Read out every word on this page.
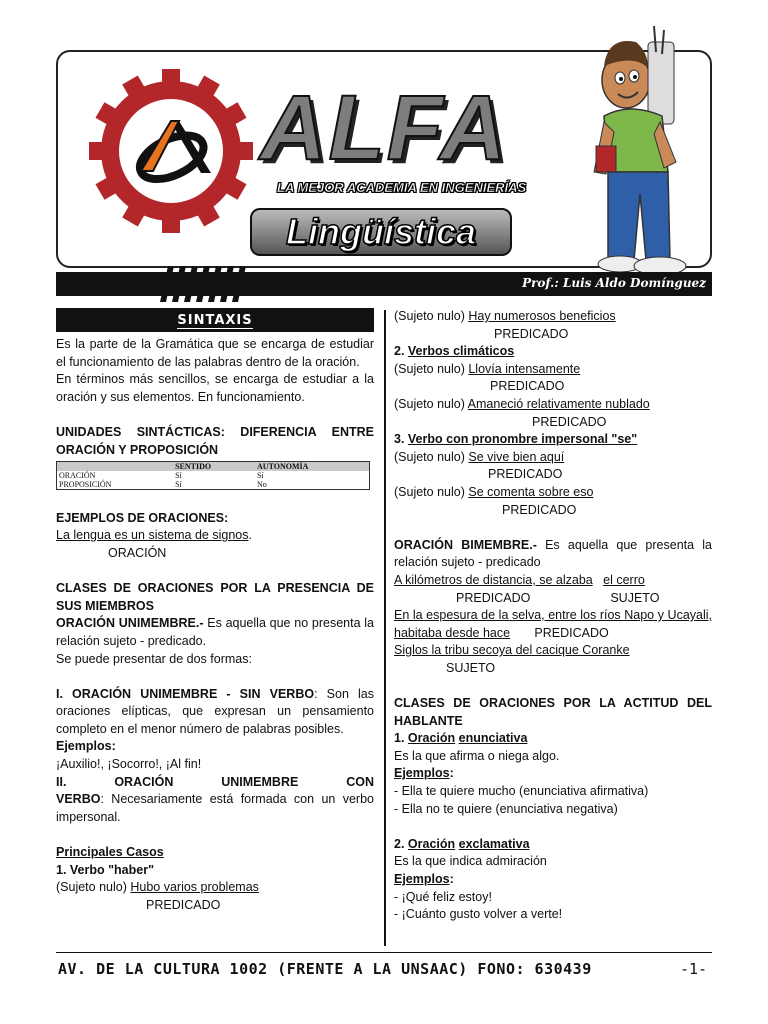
ALFA
LA MEJOR ACADEMIA EN INGENIERÍAS
Lingüística
Prof.: Luis Aldo Domínguez
SINTAXIS
Es la parte de la Gramática que se encarga de estudiar el funcionamiento de las palabras dentro de la oración.
En términos más sencillos, se encarga de estudiar a la oración y sus elementos. En funcionamiento.
UNIDADES SINTÁCTICAS: DIFERENCIA ENTRE ORACIÓN Y PROPOSICIÓN
	SENTIDO	AUTONOMÍA
ORACIÓN	Sí	Sí
PROPOSICIÓN	Sí	No
EJEMPLOS DE ORACIONES:
La lengua es un sistema de signos.
ORACIÓN
CLASES DE ORACIONES POR LA PRESENCIA DE SUS MIEMBROS
ORACIÓN UNIMEMBRE.- Es aquella que no presenta la relación sujeto - predicado.
Se puede presentar de dos formas:
I. ORACIÓN UNIMEMBRE - SIN VERBO: Son las oraciones elípticas, que expresan un pensamiento completo en el menor número de palabras posibles.
Ejemplos:
¡Auxilio!, ¡Socorro!, ¡Al fin!
II. ORACIÓN UNIMEMBRE CON VERBO: Necesariamente está formada con un verbo impersonal.
Principales Casos
1. Verbo "haber"
(Sujeto nulo) Hubo varios problemas
PREDICADO
(Sujeto nulo) Hay numerosos beneficios
PREDICADO
2. Verbos climáticos
(Sujeto nulo) Llovía intensamente
PREDICADO
(Sujeto nulo) Amaneció relativamente nublado
PREDICADO
3. Verbo con pronombre impersonal "se"
(Sujeto nulo) Se vive bien aquí
PREDICADO
(Sujeto nulo) Se comenta sobre eso
PREDICADO
ORACIÓN BIMEMBRE.- Es aquella que presenta la relación sujeto - predicado
A kilómetros de distancia, se alzaba el cerro
PREDICADO	SUJETO
En la espesura de la selva, entre los ríos Napo y Ucayali, habitaba desde hace PREDICADO
Siglos la tribu secoya del cacique Coranke
SUJETO
CLASES DE ORACIONES POR LA ACTITUD DEL HABLANTE
1. Oración enunciativa
Es la que afirma o niega algo.
Ejemplos:
- Ella te quiere mucho (enunciativa afirmativa)
- Ella no te quiere (enunciativa negativa)
2. Oración exclamativa
Es la que indica admiración
Ejemplos:
- ¡Qué feliz estoy!
- ¡Cuánto gusto volver a verte!
AV. DE LA CULTURA 1002 (FRENTE A LA UNSAAC) FONO: 630439	-1-
